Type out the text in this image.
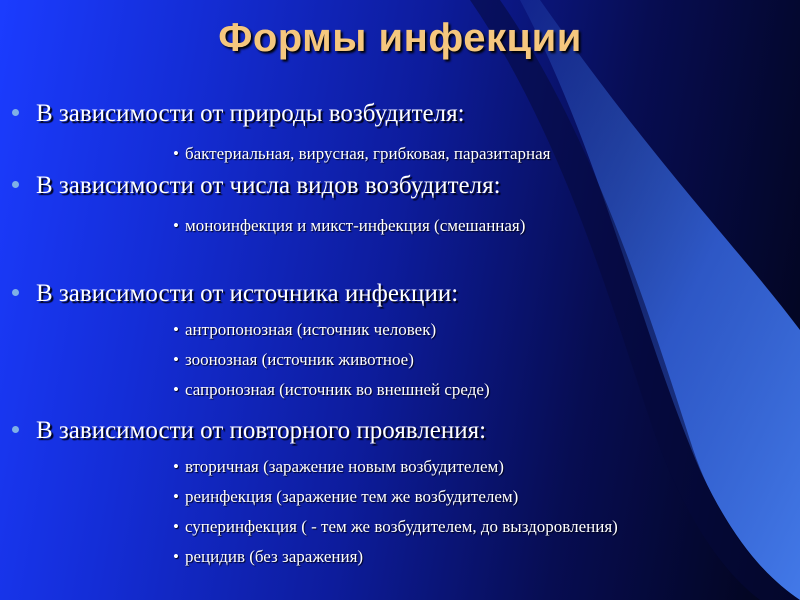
Формы инфекции
В зависимости от природы возбудителя:
• бактериальная, вирусная, грибковая, паразитарная
В зависимости от числа видов возбудителя:
• моноинфекция и микст-инфекция (смешанная)
В зависимости от источника инфекции:
• антропонозная (источник человек)
• зоонозная (источник животное)
• сапронозная (источник во внешней среде)
В зависимости от повторного проявления:
• вторичная (заражение новым возбудителем)
• реинфекция (заражение тем же возбудителем)
• суперинфекция ( - тем же возбудителем, до выздоровления)
• рецидив (без заражения)
